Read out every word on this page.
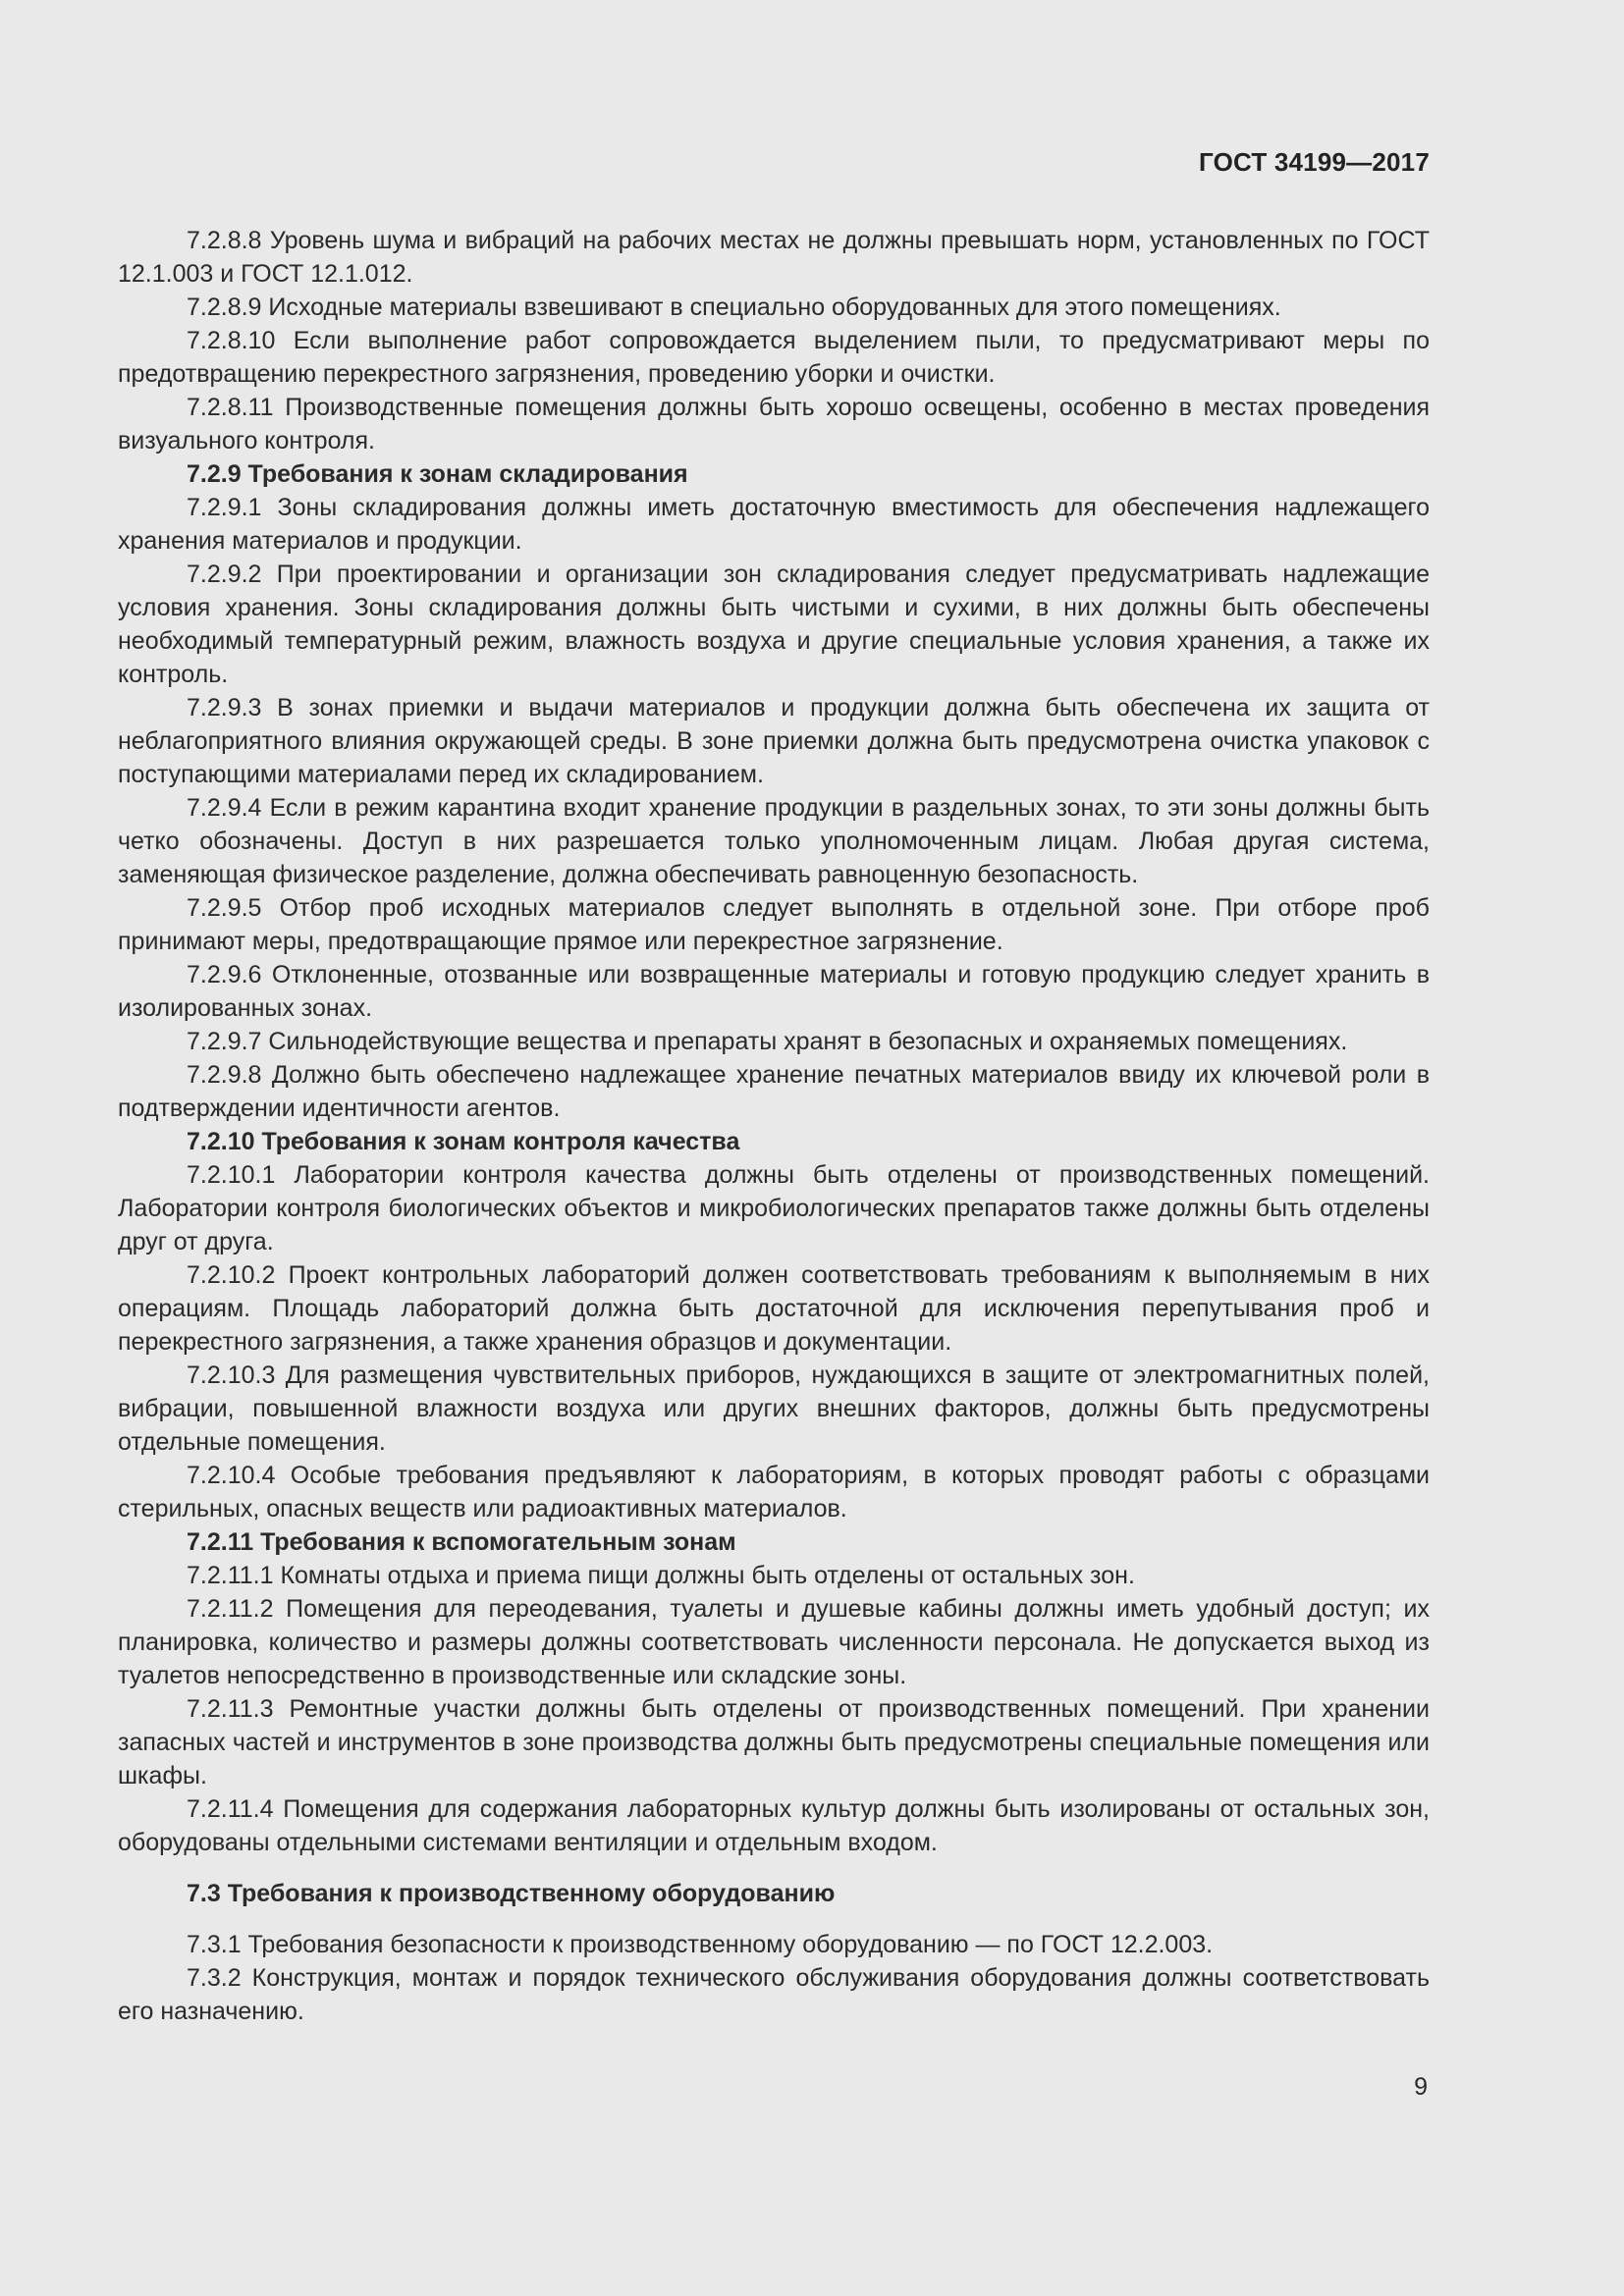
ГОСТ 34199—2017

7.2.8.8 Уровень шума и вибраций на рабочих местах не должны превышать норм, установленных по ГОСТ 12.1.003 и ГОСТ 12.1.012.

7.2.8.9 Исходные материалы взвешивают в специально оборудованных для этого помещениях.

7.2.8.10 Если выполнение работ сопровождается выделением пыли, то предусматривают меры по предотвращению перекрестного загрязнения, проведению уборки и очистки.

7.2.8.11 Производственные помещения должны быть хорошо освещены, особенно в местах проведения визуального контроля.

7.2.9 Требования к зонам складирования

7.2.9.1 Зоны складирования должны иметь достаточную вместимость для обеспечения надлежащего хранения материалов и продукции.

7.2.9.2 При проектировании и организации зон складирования следует предусматривать надлежащие условия хранения. Зоны складирования должны быть чистыми и сухими, в них должны быть обеспечены необходимый температурный режим, влажность воздуха и другие специальные условия хранения, а также их контроль.

7.2.9.3 В зонах приемки и выдачи материалов и продукции должна быть обеспечена их защита от неблагоприятного влияния окружающей среды. В зоне приемки должна быть предусмотрена очистка упаковок с поступающими материалами перед их складированием.

7.2.9.4 Если в режим карантина входит хранение продукции в раздельных зонах, то эти зоны должны быть четко обозначены. Доступ в них разрешается только уполномоченным лицам. Любая другая система, заменяющая физическое разделение, должна обеспечивать равноценную безопасность.

7.2.9.5 Отбор проб исходных материалов следует выполнять в отдельной зоне. При отборе проб принимают меры, предотвращающие прямое или перекрестное загрязнение.

7.2.9.6 Отклоненные, отозванные или возвращенные материалы и готовую продукцию следует хранить в изолированных зонах.

7.2.9.7 Сильнодействующие вещества и препараты хранят в безопасных и охраняемых помещениях.

7.2.9.8 Должно быть обеспечено надлежащее хранение печатных материалов ввиду их ключевой роли в подтверждении идентичности агентов.

7.2.10 Требования к зонам контроля качества

7.2.10.1 Лаборатории контроля качества должны быть отделены от производственных помещений. Лаборатории контроля биологических объектов и микробиологических препаратов также должны быть отделены друг от друга.

7.2.10.2 Проект контрольных лабораторий должен соответствовать требованиям к выполняемым в них операциям. Площадь лабораторий должна быть достаточной для исключения перепутывания проб и перекрестного загрязнения, а также хранения образцов и документации.

7.2.10.3 Для размещения чувствительных приборов, нуждающихся в защите от электромагнитных полей, вибрации, повышенной влажности воздуха или других внешних факторов, должны быть предусмотрены отдельные помещения.

7.2.10.4 Особые требования предъявляют к лабораториям, в которых проводят работы с образцами стерильных, опасных веществ или радиоактивных материалов.

7.2.11 Требования к вспомогательным зонам

7.2.11.1 Комнаты отдыха и приема пищи должны быть отделены от остальных зон.

7.2.11.2 Помещения для переодевания, туалеты и душевые кабины должны иметь удобный доступ; их планировка, количество и размеры должны соответствовать численности персонала. Не допускается выход из туалетов непосредственно в производственные или складские зоны.

7.2.11.3 Ремонтные участки должны быть отделены от производственных помещений. При хранении запасных частей и инструментов в зоне производства должны быть предусмотрены специальные помещения или шкафы.

7.2.11.4 Помещения для содержания лабораторных культур должны быть изолированы от остальных зон, оборудованы отдельными системами вентиляции и отдельным входом.

7.3 Требования к производственному оборудованию

7.3.1 Требования безопасности к производственному оборудованию — по ГОСТ 12.2.003.

7.3.2 Конструкция, монтаж и порядок технического обслуживания оборудования должны соответствовать его назначению.

9
